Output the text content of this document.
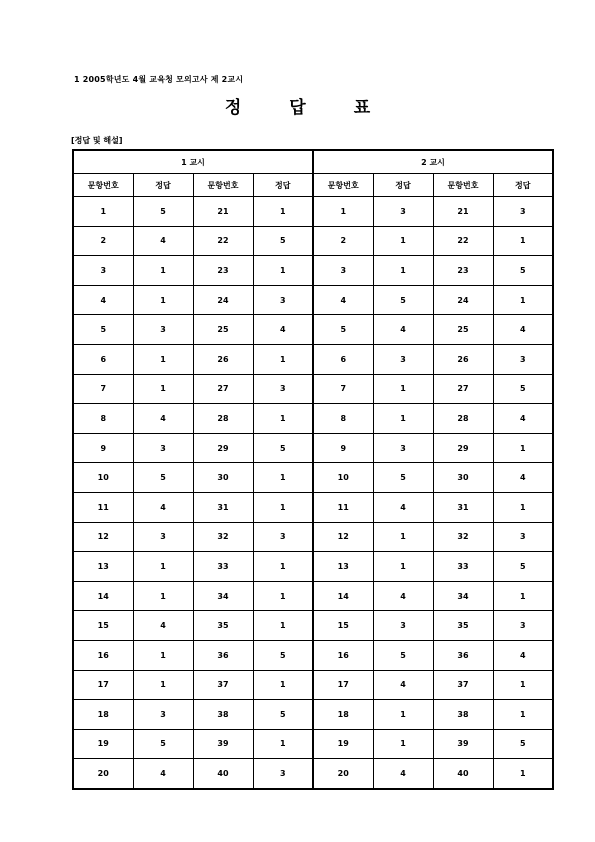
1 2005학년도 4월 교육청 모의고사 제 2교시
정	답	표
[정답 및 해설]
1 교시				2 교시			
문항번호	정답	문항번호	정답	문항번호	정답	문항번호	정답
1	5	21	1	1	3	21	3
2	4	22	5	2	1	22	1
3	1	23	1	3	1	23	5
4	1	24	3	4	5	24	1
5	3	25	4	5	4	25	4
6	1	26	1	6	3	26	3
7	1	27	3	7	1	27	5
8	4	28	1	8	1	28	4
9	3	29	5	9	3	29	1
10	5	30	1	10	5	30	4
11	4	31	1	11	4	31	1
12	3	32	3	12	1	32	3
13	1	33	1	13	1	33	5
14	1	34	1	14	4	34	1
15	4	35	1	15	3	35	3
16	1	36	5	16	5	36	4
17	1	37	1	17	4	37	1
18	3	38	5	18	1	38	1
19	5	39	1	19	1	39	5
20	4	40	3	20	4	40	1
